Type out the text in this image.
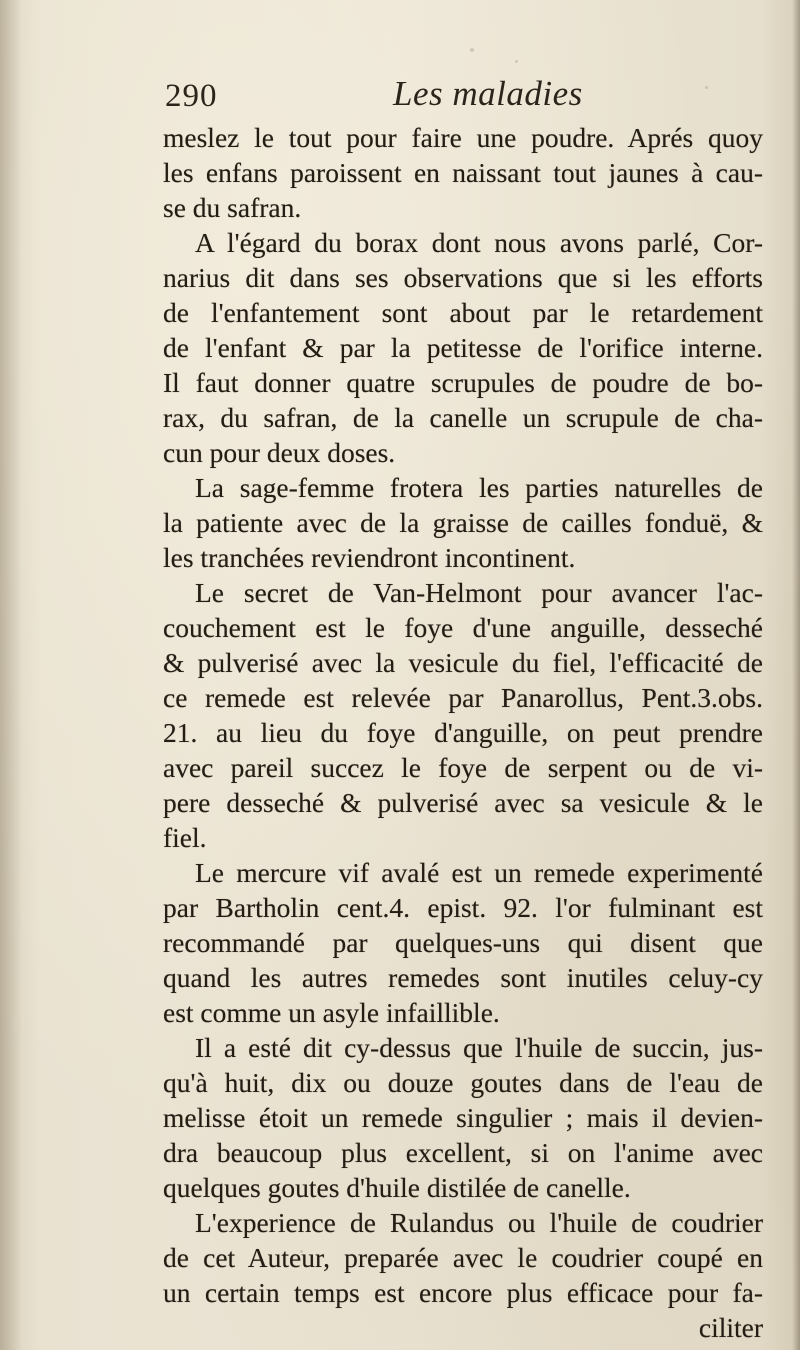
290	Les maladies
meslez le tout pour faire une poudre. Aprés quoy
les enfans paroissent en naissant tout jaunes à cau-
se du safran.
A l'égard du borax dont nous avons parlé, Cor-
narius dit dans ses observations que si les efforts
de l'enfantement sont about par le retardement
de l'enfant & par la petitesse de l'orifice interne.
Il faut donner quatre scrupules de poudre de bo-
rax, du safran, de la canelle un scrupule de cha-
cun pour deux doses.
La sage-femme frotera les parties naturelles de
la patiente avec de la graisse de cailles fonduë, &
les tranchées reviendront incontinent.
Le secret de Van-Helmont pour avancer l'ac-
couchement est le foye d'une anguille, desseché
& pulverisé avec la vesicule du fiel, l'efficacité de
ce remede est relevée par Panarollus, Pent.3.obs.
21. au lieu du foye d'anguille, on peut prendre
avec pareil succez le foye de serpent ou de vi-
pere desseché & pulverisé avec sa vesicule & le
fiel.
Le mercure vif avalé est un remede experimenté
par Bartholin cent.4. epist. 92. l'or fulminant est
recommandé par quelques-uns qui disent que
quand les autres remedes sont inutiles celuy-cy
est comme un asyle infaillible.
Il a esté dit cy-dessus que l'huile de succin, jus-
qu'à huit, dix ou douze goutes dans de l'eau de
melisse étoit un remede singulier ; mais il devien-
dra beaucoup plus excellent, si on l'anime avec
quelques goutes d'huile distilée de canelle.
L'experience de Rulandus ou l'huile de coudrier
de cet Auteur, preparée avec le coudrier coupé en
un certain temps est encore plus efficace pour fa-
ciliter
